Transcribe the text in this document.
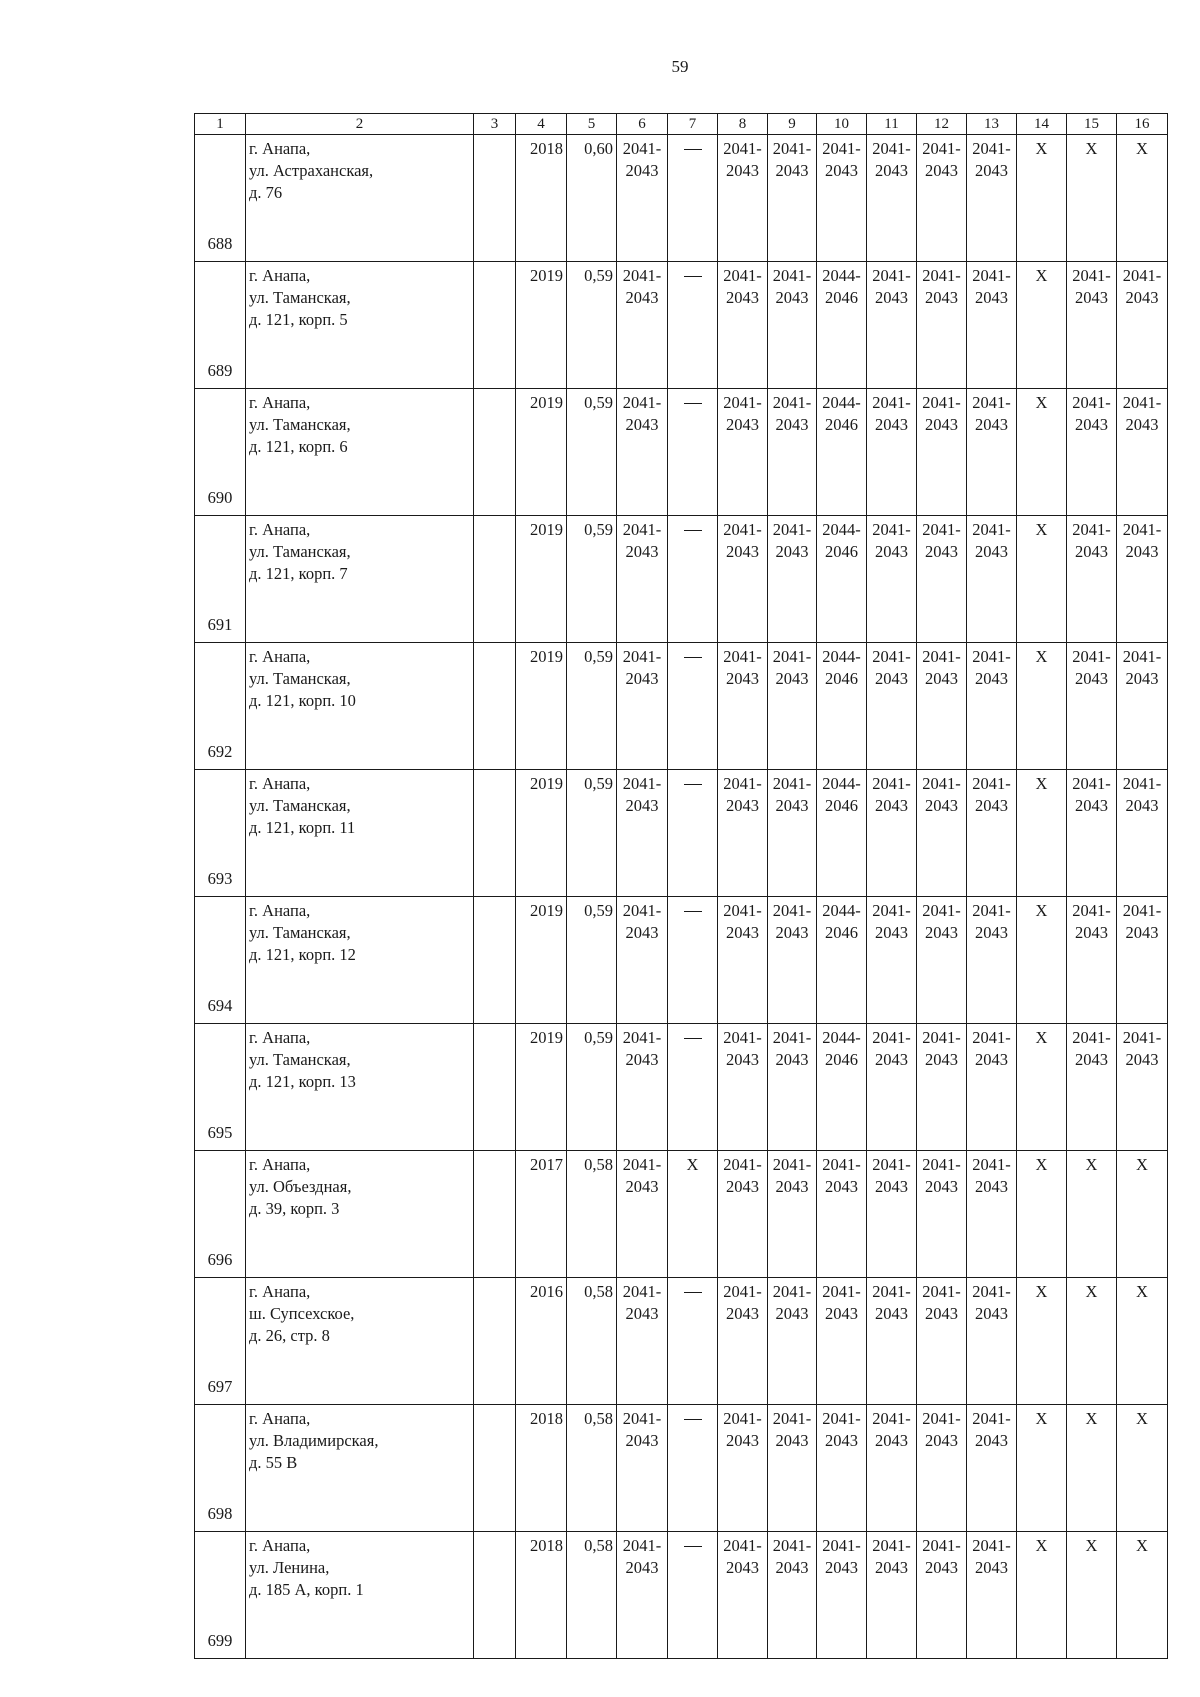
59
1	2	3	4	5	6	7	8	9	10	11	12	13	14	15	16
688	г. Анапа,
ул. Астраханская,
д. 76		2018	0,60	2041-
2043		2041-
2043	2041-
2043	2041-
2043	2041-
2043	2041-
2043	2041-
2043	X	X	X

689	г. Анапа,
ул. Таманская,
д. 121, корп. 5		2019	0,59	2041-
2043		2041-
2043	2041-
2043	2044-
2046	2041-
2043	2041-
2043	2041-
2043	X	2041-
2043	2041-
2043

690	г. Анапа,
ул. Таманская,
д. 121, корп. 6		2019	0,59	2041-
2043		2041-
2043	2041-
2043	2044-
2046	2041-
2043	2041-
2043	2041-
2043	X	2041-
2043	2041-
2043

691	г. Анапа,
ул. Таманская,
д. 121, корп. 7		2019	0,59	2041-
2043		2041-
2043	2041-
2043	2044-
2046	2041-
2043	2041-
2043	2041-
2043	X	2041-
2043	2041-
2043

692	г. Анапа,
ул. Таманская,
д. 121, корп. 10		2019	0,59	2041-
2043		2041-
2043	2041-
2043	2044-
2046	2041-
2043	2041-
2043	2041-
2043	X	2041-
2043	2041-
2043

693	г. Анапа,
ул. Таманская,
д. 121, корп. 11		2019	0,59	2041-
2043		2041-
2043	2041-
2043	2044-
2046	2041-
2043	2041-
2043	2041-
2043	X	2041-
2043	2041-
2043

694	г. Анапа,
ул. Таманская,
д. 121, корп. 12		2019	0,59	2041-
2043		2041-
2043	2041-
2043	2044-
2046	2041-
2043	2041-
2043	2041-
2043	X	2041-
2043	2041-
2043

695	г. Анапа,
ул. Таманская,
д. 121, корп. 13		2019	0,59	2041-
2043		2041-
2043	2041-
2043	2044-
2046	2041-
2043	2041-
2043	2041-
2043	X	2041-
2043	2041-
2043

696	г. Анапа,
ул. Объездная,
д. 39, корп. 3		2017	0,58	2041-
2043	X	2041-
2043	2041-
2043	2041-
2043	2041-
2043	2041-
2043	2041-
2043	X	X	X

697	г. Анапа,
ш. Супсехское,
д. 26, стр. 8		2016	0,58	2041-
2043		2041-
2043	2041-
2043	2041-
2043	2041-
2043	2041-
2043	2041-
2043	X	X	X

698	г. Анапа,
ул. Владимирская,
д. 55 В		2018	0,58	2041-
2043		2041-
2043	2041-
2043	2041-
2043	2041-
2043	2041-
2043	2041-
2043	X	X	X

699	г. Анапа,
ул. Ленина,
д. 185 А, корп. 1		2018	0,58	2041-
2043		2041-
2043	2041-
2043	2041-
2043	2041-
2043	2041-
2043	2041-
2043	X	X	X
